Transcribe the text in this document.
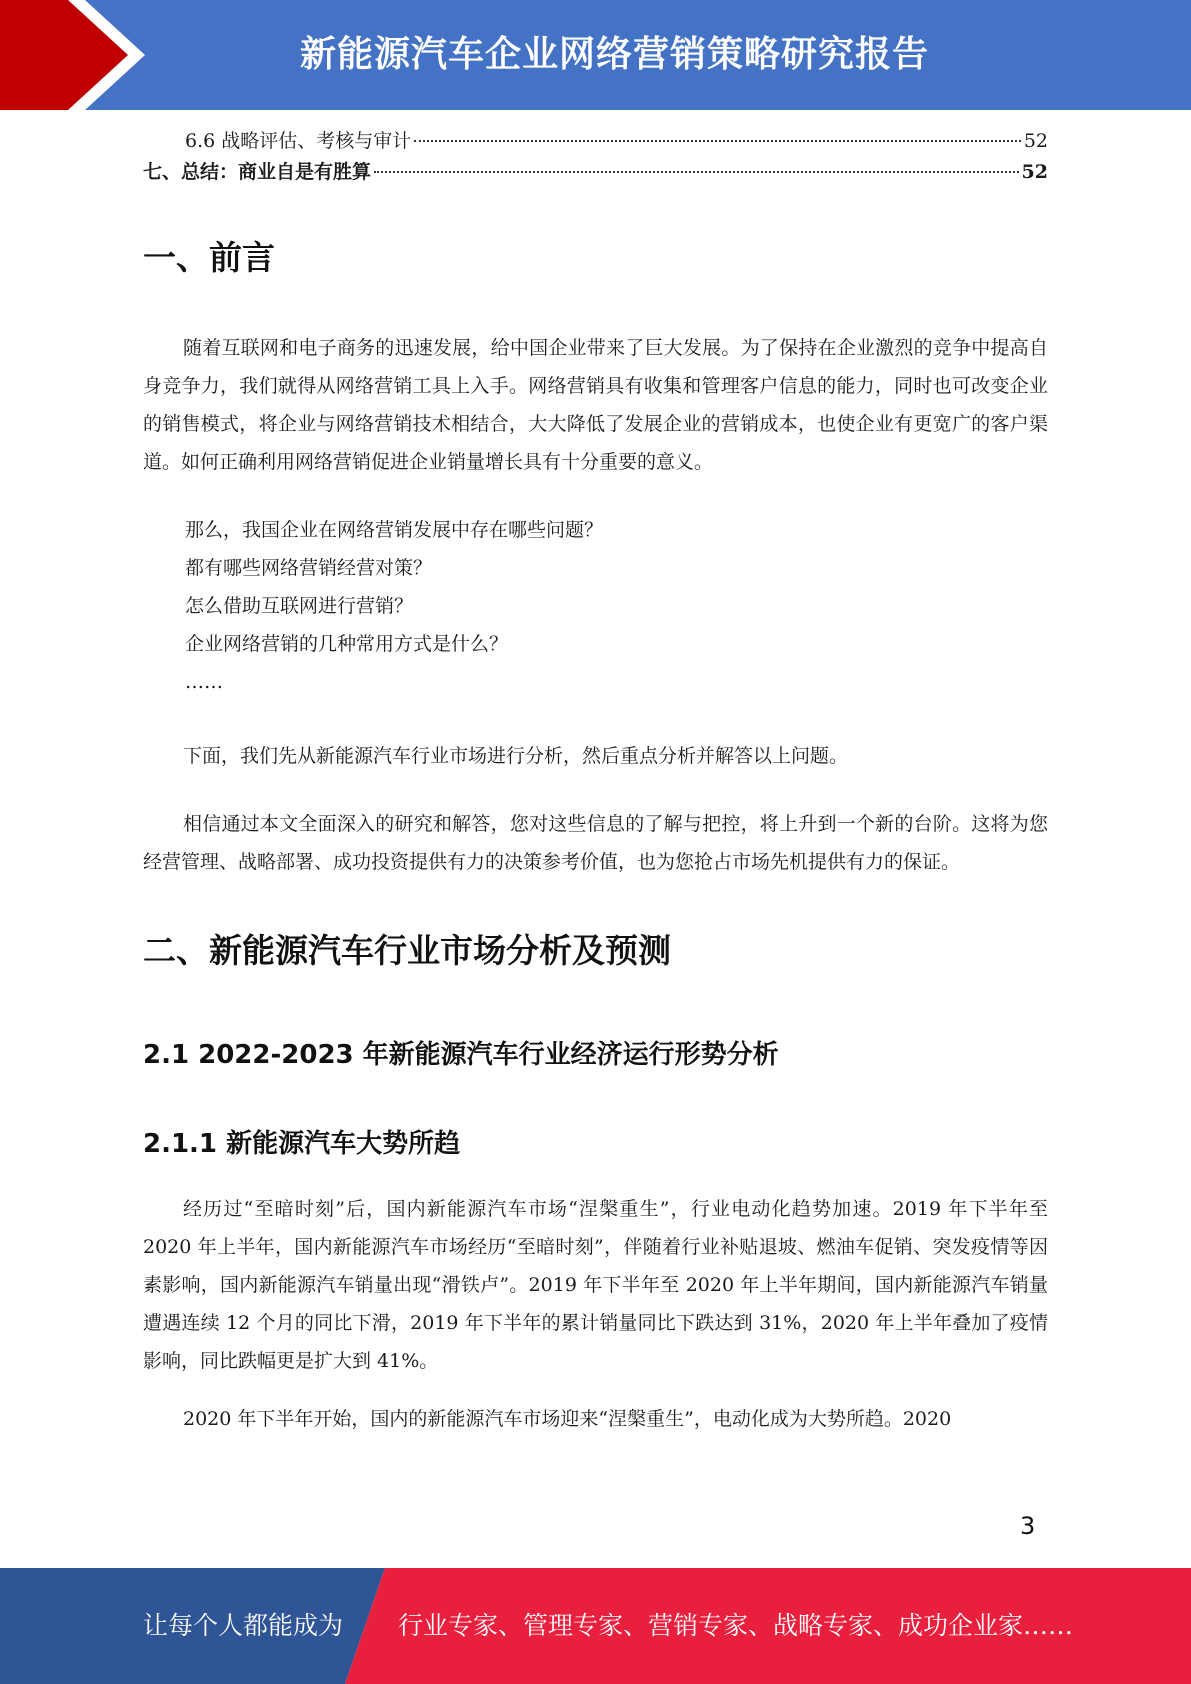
新能源汽车企业网络营销策略研究报告
6.6 战略评估、考核与审计	52
七、总结：商业自是有胜算	52
一、前言

随着互联网和电子商务的迅速发展，给中国企业带来了巨大发展。为了保持在企业激烈的竞争中提高自身竞争力，我们就得从网络营销工具上入手。网络营销具有收集和管理客户信息的能力，同时也可改变企业的销售模式，将企业与网络营销技术相结合，大大降低了发展企业的营销成本，也使企业有更宽广的客户渠道。如何正确利用网络营销促进企业销量增长具有十分重要的意义。

那么，我国企业在网络营销发展中存在哪些问题？
都有哪些网络营销经营对策？
怎么借助互联网进行营销？
企业网络营销的几种常用方式是什么？
……

下面，我们先从新能源汽车行业市场进行分析，然后重点分析并解答以上问题。

相信通过本文全面深入的研究和解答，您对这些信息的了解与把控，将上升到一个新的台阶。这将为您经营管理、战略部署、成功投资提供有力的决策参考价值，也为您抢占市场先机提供有力的保证。

二、新能源汽车行业市场分析及预测
2.1 2022-2023 年新能源汽车行业经济运行形势分析
2.1.1 新能源汽车大势所趋

经历过“至暗时刻”后，国内新能源汽车市场“涅槃重生”，行业电动化趋势加速。2019 年下半年至 2020 年上半年，国内新能源汽车市场经历“至暗时刻”，伴随着行业补贴退坡、燃油车促销、突发疫情等因素影响，国内新能源汽车销量出现“滑铁卢”。2019 年下半年至 2020 年上半年期间，国内新能源汽车销量遭遇连续 12 个月的同比下滑，2019 年下半年的累计销量同比下跌达到 31%，2020 年上半年叠加了疫情影响，同比跌幅更是扩大到 41%。

2020 年下半年开始，国内的新能源汽车市场迎来“涅槃重生”，电动化成为大势所趋。2020

3
让每个人都能成为 行业专家、管理专家、营销专家、战略专家、成功企业家……
